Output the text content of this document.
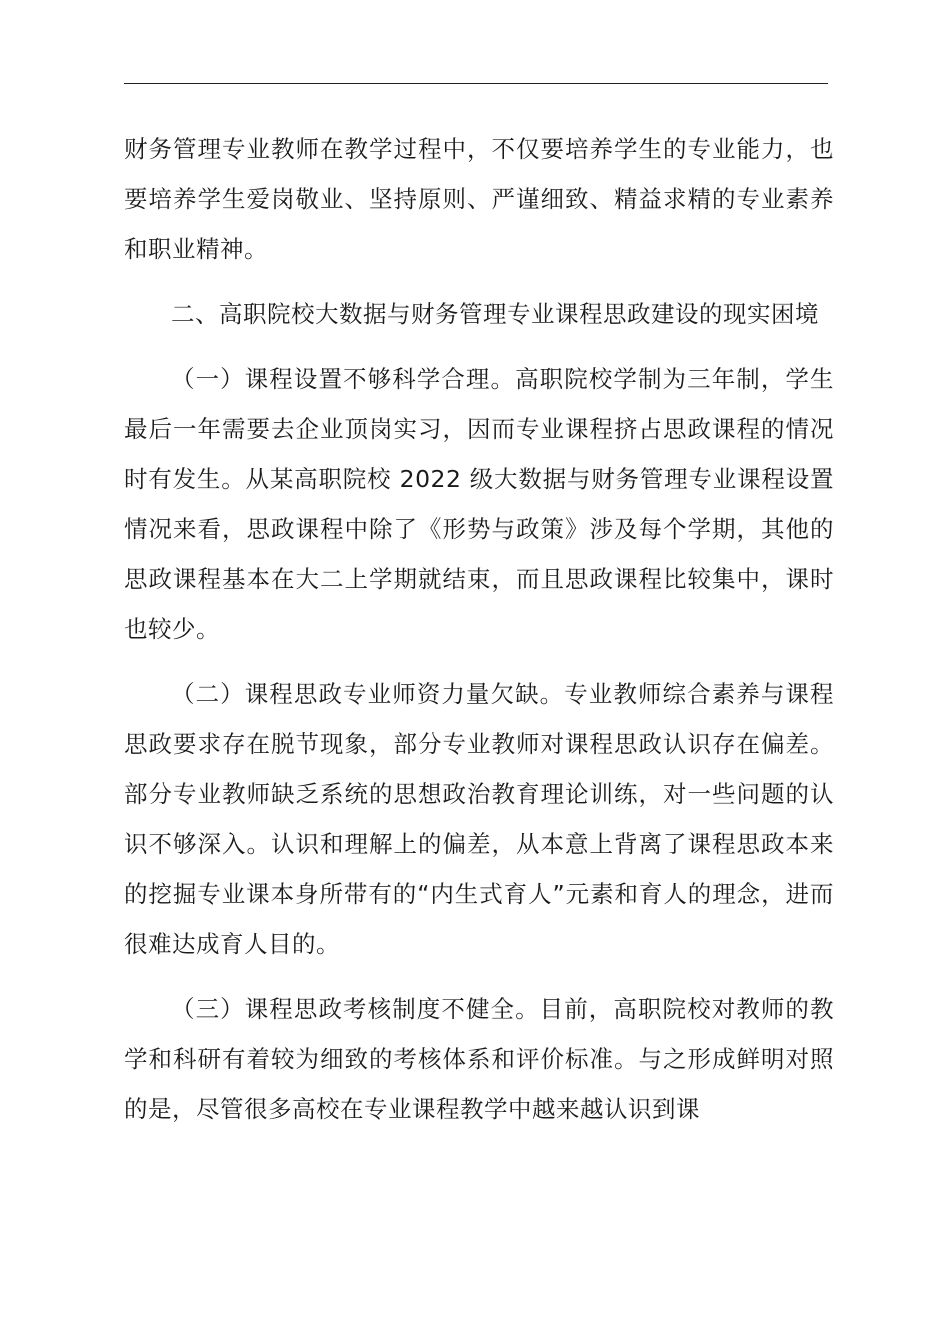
财务管理专业教师在教学过程中，不仅要培养学生的专业能力，也要培养学生爱岗敬业、坚持原则、严谨细致、精益求精的专业素养和职业精神。

二、高职院校大数据与财务管理专业课程思政建设的现实困境

（一）课程设置不够科学合理。高职院校学制为三年制，学生最后一年需要去企业顶岗实习，因而专业课程挤占思政课程的情况时有发生。从某高职院校 2022 级大数据与财务管理专业课程设置情况来看，思政课程中除了《形势与政策》涉及每个学期，其他的思政课程基本在大二上学期就结束，而且思政课程比较集中，课时也较少。

（二）课程思政专业师资力量欠缺。专业教师综合素养与课程思政要求存在脱节现象，部分专业教师对课程思政认识存在偏差。部分专业教师缺乏系统的思想政治教育理论训练，对一些问题的认识不够深入。认识和理解上的偏差，从本意上背离了课程思政本来的挖掘专业课本身所带有的“内生式育人”元素和育人的理念，进而很难达成育人目的。

（三）课程思政考核制度不健全。目前，高职院校对教师的教学和科研有着较为细致的考核体系和评价标准。与之形成鲜明对照的是，尽管很多高校在专业课程教学中越来越认识到课
